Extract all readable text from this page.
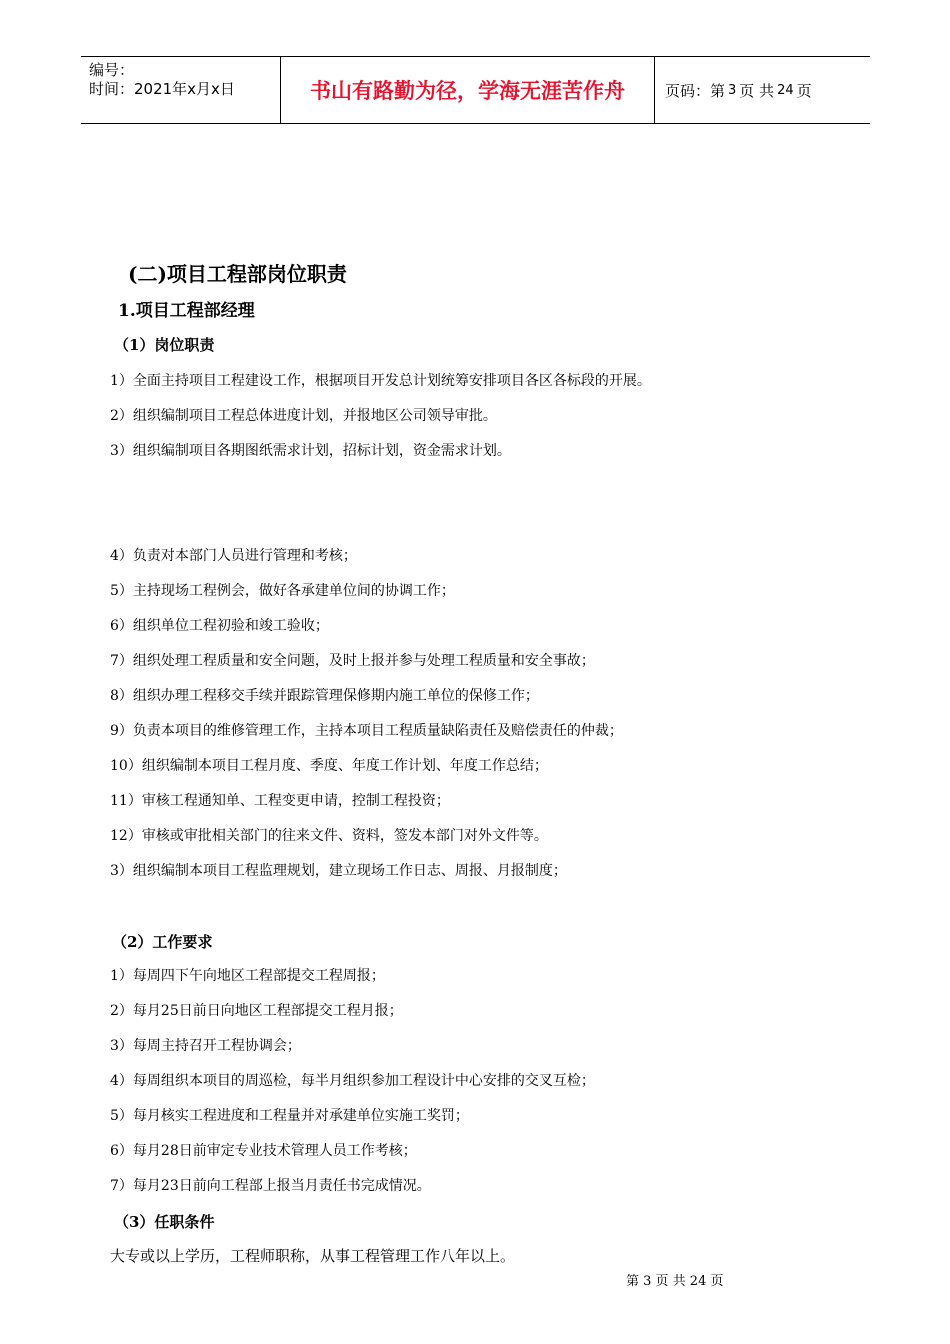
编号：
时间：2021年x月x日	书山有路勤为径，学海无涯苦作舟	页码：第 3 页 共 24 页
(二)项目工程部岗位职责
1.项目工程部经理
（1）岗位职责
1）全面主持项目工程建设工作，根据项目开发总计划统筹安排项目各区各标段的开展。
2）组织编制项目工程总体进度计划，并报地区公司领导审批。
3）组织编制项目各期图纸需求计划，招标计划，资金需求计划。
4）负责对本部门人员进行管理和考核；
5）主持现场工程例会，做好各承建单位间的协调工作；
6）组织单位工程初验和竣工验收；
7）组织处理工程质量和安全问题，及时上报并参与处理工程质量和安全事故；
8）组织办理工程移交手续并跟踪管理保修期内施工单位的保修工作；
9）负责本项目的维修管理工作，主持本项目工程质量缺陷责任及赔偿责任的仲裁；
10）组织编制本项目工程月度、季度、年度工作计划、年度工作总结；
11）审核工程通知单、工程变更申请，控制工程投资；
12）审核或审批相关部门的往来文件、资料，签发本部门对外文件等。
3）组织编制本项目工程监理规划，建立现场工作日志、周报、月报制度；
（2）工作要求
1）每周四下午向地区工程部提交工程周报；
2）每月25日前日向地区工程部提交工程月报；
3）每周主持召开工程协调会；
4）每周组织本项目的周巡检，每半月组织参加工程设计中心安排的交叉互检；
5）每月核实工程进度和工程量并对承建单位实施工奖罚；
6）每月28日前审定专业技术管理人员工作考核；
7）每月23日前向工程部上报当月责任书完成情况。
（3）任职条件
大专或以上学历，工程师职称，从事工程管理工作八年以上。
第 3 页 共 24 页
